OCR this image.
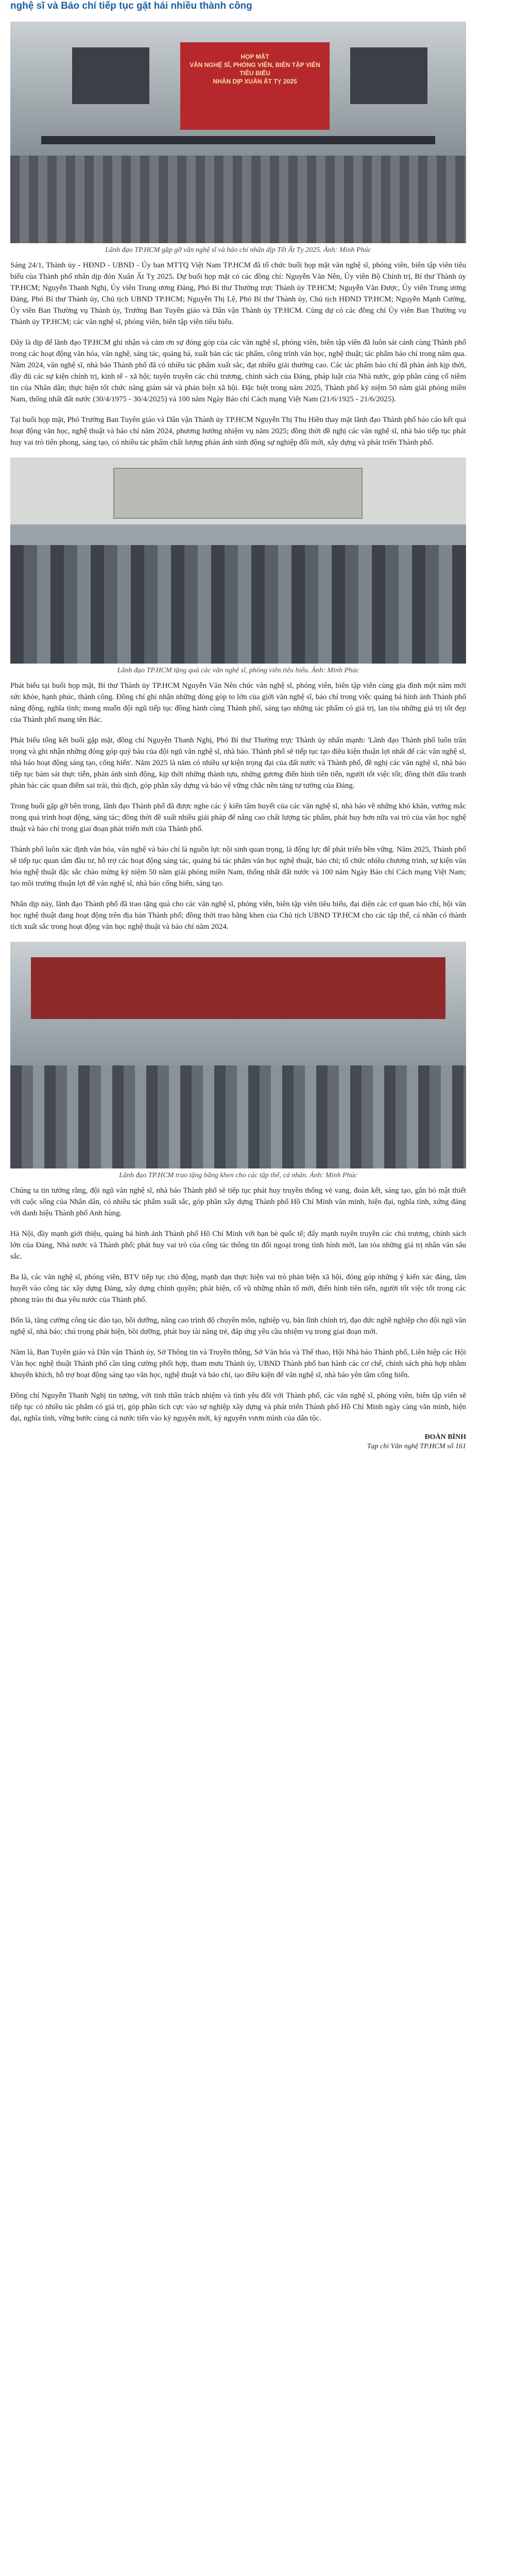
nghệ sĩ và Báo chí tiếp tục gặt hái nhiều thành công
HỌP MẶT
VĂN NGHỆ SĨ, PHÓNG VIÊN, BIÊN TẬP VIÊN TIÊU BIỂU
NHÂN DỊP XUÂN ẤT TỴ 2025

Lãnh đạo TP.HCM gặp gỡ văn nghệ sĩ và báo chí nhân dịp Tết Ất Tỵ 2025. Ảnh: Minh Phúc

Sáng 24/1, Thành ủy - HĐND - UBND - Ủy ban MTTQ Việt Nam TP.HCM đã tổ chức buổi họp mặt văn nghệ sĩ, phóng viên, biên tập viên tiêu biểu của Thành phố nhân dịp đón Xuân Ất Tỵ 2025. Dự buổi họp mặt có các đồng chí: Nguyễn Văn Nên, Ủy viên Bộ Chính trị, Bí thư Thành ủy TP.HCM; Nguyễn Thanh Nghị, Ủy viên Trung ương Đảng, Phó Bí thư Thường trực Thành ủy TP.HCM; Nguyễn Văn Được, Ủy viên Trung ương Đảng, Phó Bí thư Thành ủy, Chủ tịch UBND TP.HCM; Nguyễn Thị Lệ, Phó Bí thư Thành ủy, Chủ tịch HĐND TP.HCM; Nguyễn Mạnh Cường, Ủy viên Ban Thường vụ Thành ủy, Trưởng Ban Tuyên giáo và Dân vận Thành ủy TP.HCM. Cùng dự có các đồng chí Ủy viên Ban Thường vụ Thành ủy TP.HCM; các văn nghệ sĩ, phóng viên, biên tập viên tiêu biểu.

Đây là dịp để lãnh đạo TP.HCM ghi nhận và cảm ơn sự đóng góp của các văn nghệ sĩ, phóng viên, biên tập viên đã luôn sát cánh cùng Thành phố trong các hoạt động văn hóa, văn nghệ, sáng tác, quảng bá, xuất bản các tác phẩm, công trình văn học, nghệ thuật; tác phẩm báo chí trong năm qua. Năm 2024, văn nghệ sĩ, nhà báo Thành phố đã có nhiều tác phẩm xuất sắc, đạt nhiều giải thưởng cao. Các tác phẩm báo chí đã phản ánh kịp thời, đầy đủ các sự kiện chính trị, kinh tế - xã hội; tuyên truyền các chủ trương, chính sách của Đảng, pháp luật của Nhà nước, góp phần củng cố niềm tin của Nhân dân; thực hiện tốt chức năng giám sát và phản biện xã hội. Đặc biệt trong năm 2025, Thành phố kỷ niệm 50 năm giải phóng miền Nam, thống nhất đất nước (30/4/1975 - 30/4/2025) và 100 năm Ngày Báo chí Cách mạng Việt Nam (21/6/1925 - 21/6/2025).

Tại buổi họp mặt, Phó Trưởng Ban Tuyên giáo và Dân vận Thành ủy TP.HCM Nguyễn Thị Thu Hiền thay mặt lãnh đạo Thành phố báo cáo kết quả hoạt động văn học, nghệ thuật và báo chí năm 2024, phương hướng nhiệm vụ năm 2025; đồng thời đề nghị các văn nghệ sĩ, nhà báo tiếp tục phát huy vai trò tiên phong, sáng tạo, có nhiều tác phẩm chất lượng phản ánh sinh động sự nghiệp đổi mới, xây dựng và phát triển Thành phố.

Lãnh đạo TP.HCM tặng quà các văn nghệ sĩ, phóng viên tiêu biểu. Ảnh: Minh Phúc

Phát biểu tại buổi họp mặt, Bí thư Thành ủy TP.HCM Nguyễn Văn Nên chúc văn nghệ sĩ, phóng viên, biên tập viên cùng gia đình một năm mới sức khỏe, hạnh phúc, thành công. Đồng chí ghi nhận những đóng góp to lớn của giới văn nghệ sĩ, báo chí trong việc quảng bá hình ảnh Thành phố năng động, nghĩa tình; mong muốn đội ngũ tiếp tục đồng hành cùng Thành phố, sáng tạo những tác phẩm có giá trị, lan tỏa những giá trị tốt đẹp của Thành phố mang tên Bác.

Phát biểu tổng kết buổi gặp mặt, đồng chí Nguyễn Thanh Nghị, Phó Bí thư Thường trực Thành ủy nhấn mạnh: 'Lãnh đạo Thành phố luôn trân trọng và ghi nhận những đóng góp quý báu của đội ngũ văn nghệ sĩ, nhà báo. Thành phố sẽ tiếp tục tạo điều kiện thuận lợi nhất để các văn nghệ sĩ, nhà báo hoạt động sáng tạo, cống hiến'. Năm 2025 là năm có nhiều sự kiện trọng đại của đất nước và Thành phố, đề nghị các văn nghệ sĩ, nhà báo tiếp tục bám sát thực tiễn, phản ánh sinh động, kịp thời những thành tựu, những gương điển hình tiên tiến, người tốt việc tốt; đồng thời đấu tranh phản bác các quan điểm sai trái, thù địch, góp phần xây dựng và bảo vệ vững chắc nền tảng tư tưởng của Đảng.

Trong buổi gặp gỡ bên trong, lãnh đạo Thành phố đã được nghe các ý kiến tâm huyết của các văn nghệ sĩ, nhà báo về những khó khăn, vướng mắc trong quá trình hoạt động, sáng tác; đồng thời đề xuất nhiều giải pháp để nâng cao chất lượng tác phẩm, phát huy hơn nữa vai trò của văn học nghệ thuật và báo chí trong giai đoạn phát triển mới của Thành phố.

Thành phố luôn xác định văn hóa, văn nghệ và báo chí là nguồn lực nội sinh quan trọng, là động lực để phát triển bền vững. Năm 2025, Thành phố sẽ tiếp tục quan tâm đầu tư, hỗ trợ các hoạt động sáng tác, quảng bá tác phẩm văn học nghệ thuật, báo chí; tổ chức nhiều chương trình, sự kiện văn hóa nghệ thuật đặc sắc chào mừng kỷ niệm 50 năm giải phóng miền Nam, thống nhất đất nước và 100 năm Ngày Báo chí Cách mạng Việt Nam; tạo môi trường thuận lợi để văn nghệ sĩ, nhà báo cống hiến, sáng tạo.

Nhân dịp này, lãnh đạo Thành phố đã trao tặng quà cho các văn nghệ sĩ, phóng viên, biên tập viên tiêu biểu, đại diện các cơ quan báo chí, hội văn học nghệ thuật đang hoạt động trên địa bàn Thành phố; đồng thời trao bằng khen của Chủ tịch UBND TP.HCM cho các tập thể, cá nhân có thành tích xuất sắc trong hoạt động văn học nghệ thuật và báo chí năm 2024.

Lãnh đạo TP.HCM trao tặng bằng khen cho các tập thể, cá nhân. Ảnh: Minh Phúc

Chúng ta tin tưởng rằng, đội ngũ văn nghệ sĩ, nhà báo Thành phố sẽ tiếp tục phát huy truyền thống vẻ vang, đoàn kết, sáng tạo, gắn bó mật thiết với cuộc sống của Nhân dân, có nhiều tác phẩm xuất sắc, góp phần xây dựng Thành phố Hồ Chí Minh văn minh, hiện đại, nghĩa tình, xứng đáng với danh hiệu Thành phố Anh hùng.

Hà Nội, đầy mạnh giới thiệu, quảng bá hình ảnh Thành phố Hồ Chí Minh với bạn bè quốc tế; đẩy mạnh tuyên truyền các chủ trương, chính sách lớn của Đảng, Nhà nước và Thành phố; phát huy vai trò của công tác thông tin đối ngoại trong tình hình mới, lan tỏa những giá trị nhân văn sâu sắc.

Ba là, các văn nghệ sĩ, phóng viên, BTV tiếp tục chủ động, mạnh dạn thực hiện vai trò phản biện xã hội, đóng góp những ý kiến xác đáng, tâm huyết vào công tác xây dựng Đảng, xây dựng chính quyền; phát hiện, cổ vũ những nhân tố mới, điển hình tiên tiến, người tốt việc tốt trong các phong trào thi đua yêu nước của Thành phố.

Bốn là, tăng cường công tác đào tạo, bồi dưỡng, nâng cao trình độ chuyên môn, nghiệp vụ, bản lĩnh chính trị, đạo đức nghề nghiệp cho đội ngũ văn nghệ sĩ, nhà báo; chú trọng phát hiện, bồi dưỡng, phát huy tài năng trẻ, đáp ứng yêu cầu nhiệm vụ trong giai đoạn mới.

Năm là, Ban Tuyên giáo và Dân vận Thành ủy, Sở Thông tin và Truyền thông, Sở Văn hóa và Thể thao, Hội Nhà báo Thành phố, Liên hiệp các Hội Văn học nghệ thuật Thành phố cần tăng cường phối hợp, tham mưu Thành ủy, UBND Thành phố ban hành các cơ chế, chính sách phù hợp nhằm khuyến khích, hỗ trợ hoạt động sáng tạo văn học, nghệ thuật và báo chí, tạo điều kiện để văn nghệ sĩ, nhà báo yên tâm cống hiến.

Đồng chí Nguyễn Thanh Nghị tin tưởng, với tinh thần trách nhiệm và tình yêu đối với Thành phố, các văn nghệ sĩ, phóng viên, biên tập viên sẽ tiếp tục có nhiều tác phẩm có giá trị, góp phần tích cực vào sự nghiệp xây dựng và phát triển Thành phố Hồ Chí Minh ngày càng văn minh, hiện đại, nghĩa tình, vững bước cùng cả nước tiến vào kỷ nguyên mới, kỷ nguyên vươn mình của dân tộc.

ĐOÀN BÌNH

Tạp chí Văn nghệ TP.HCM số 161
